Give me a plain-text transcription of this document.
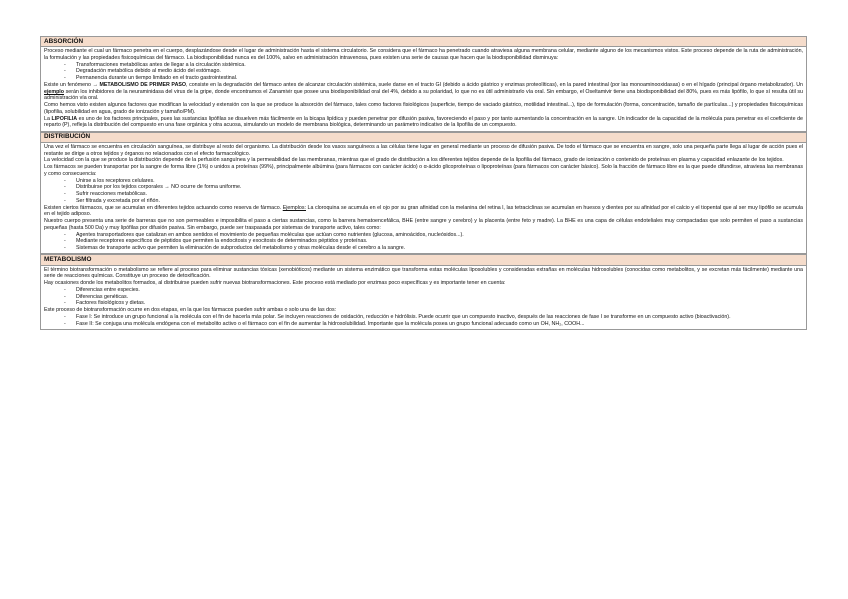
ABSORCIÓN

Proceso mediante el cual un fármaco penetra en el cuerpo, desplazándose desde el lugar de administración hasta el sistema circulatorio. Se considera que el fármaco ha penetrado cuando atraviesa alguna membrana celular, mediante alguno de los mecanismos vistos. Este proceso depende de la ruta de administración, la formulación y las propiedades fisicoquímicas del fármaco. La biodisponibilidad nunca es del 100%, salvo en administración intravenosa, pues existen una serie de causas que hacen que la biodisponibilidad disminuya:

- Transformaciones metabólicas antes de llegar a la circulación sistémica.
- Degradación metabólica debido al medio ácido del estómago.
- Permanencia durante un tiempo limitado en el tracto gastrointestinal.

Existe un fenómeno → METABOLISMO DE PRIMER PASO, consiste en la degradación del fármaco antes de alcanzar circulación sistémica, suele darse en el tracto GI (debido a ácido gástrico y enzimas proteolíticas), en la pared intestinal (por las monoaminooxidasas) o en el hígado (principal órgano metabolizador). Un ejemplo serán los inhibidores de la neuraminidasa del virus de la gripe, donde encontramos el Zanamivir que posee una biodisponibilidad oral del 4%, debido a su polaridad, lo que no es útil administrarlo vía oral. Sin embargo, el Oseltamivir tiene una biodisponibilidad del 80%, pues es más lipófilo, lo que sí resulta útil su administración vía oral.

Como hemos visto existen algunos factores que modifican la velocidad y extensión con la que se produce la absorción del fármaco, tales como factores fisiológicos (superficie, tiempo de vaciado gástrico, motilidad intestinal...), tipo de formulación (forma, concentración, tamaño de partículas...) y propiedades fisicoquímicas (lipofilia, solubilidad en agua, grado de ionización y tamaño/PM).

La LIPOFILIA es uno de los factores principales, pues las sustancias lipófilas se disuelven más fácilmente en la bicapa lipídica y pueden penetrar por difusión pasiva, favoreciendo el paso y por tanto aumentando la concentración en la sangre. Un indicador de la capacidad de la molécula para penetrar es el coeficiente de reparto (P), refleja la distribución del compuesto en una fase orgánica y otra acuosa, simulando un modelo de membrana biológica, determinando un parámetro indicativo de la lipofilia de un compuesto.

DISTRIBUCIÓN

Una vez el fármaco se encuentra en circulación sanguínea, se distribuye al resto del organismo. La distribución desde los vasos sanguíneos a las células tiene lugar en general mediante un proceso de difusión pasiva. De todo el fármaco que se encuentra en sangre, solo una pequeña parte llega al lugar de acción pues el restante se dirige a otros tejidos y órganos no relacionados con el efecto farmacológico.

La velocidad con la que se produce la distribución depende de la perfusión sanguínea y la permeabilidad de las membranas, mientras que el grado de distribución a los diferentes tejidos depende de la lipofilia del fármaco, grado de ionización o contenido de proteínas en plasma y capacidad enlazante de los tejidos.

Los fármacos se pueden transportar por la sangre de forma libre (1%) o unidos a proteínas (99%), principalmente albúmina (para fármacos con carácter ácido) o α-ácido glicoproteínas o lipoproteínas (para fármacos con carácter básico). Solo la fracción de fármaco libre es la que puede difundirse, atraviesa las membranas y como consecuencia:

- Unirse a los receptores celulares.
- Distribuirse por los tejidos corporales → NO ocurre de forma uniforme.
- Sufrir reacciones metabólicas.
- Ser filtrada y excretada por el riñón.

Existen ciertos fármacos, que se acumulan en diferentes tejidos actuando como reserva de fármaco. Ejemplos: La cloroquina se acumula en el ojo por su gran afinidad con la melanina del retina l, las tetraciclinas se acumulan en huesos y dientes por su afinidad por el calcio y el tiopental que al ser muy lipófilo se acumula en el tejido adiposo.

Nuestro cuerpo presenta una serie de barreras que no son permeables e imposibilita el paso a ciertas sustancias, como la barrera hematoencefálica, BHE (entre sangre y cerebro) y la placenta (entre feto y madre). La BHE es una capa de células endoteliales muy compactadas que solo permiten el paso a sustancias pequeñas (hasta 500 Da) y muy lipófilas por difusión pasiva. Sin embargo, puede ser traspasada por sistemas de transporte activo, tales como:

- Agentes transportadores que catalizan en ambos sentidos el movimiento de pequeñas moléculas que actúan como nutrientes (glucosa, aminoácidos, nucleósidos...).
- Mediante receptores específicos de péptidos que permiten la endocitosis y exocitosis de determinados péptidos y proteínas.
- Sistemas de transporte activo que permiten la eliminación de subproductos del metabolismo y otras moléculas desde el cerebro a la sangre.
METABOLISMO

El término biotransformación o metabolismo se refiere al proceso para eliminar sustancias tóxicas (xenobióticos) mediante un sistema enzimático que transforma estas moléculas liposolubles y consideradas extrañas en moléculas hidrosolubles (conocidas como metabolitos, y se excretan más fácilmente) mediante una serie de reacciones químicas. Constituye un proceso de detoxificación.

Hay ocasiones donde los metabolitos formados, al distribuirse pueden sufrir nuevas biotransformaciones. Este proceso está mediado por enzimas poco específicas y es importante tener en cuenta:

- Diferencias entre especies.
- Diferencias genéticas.
- Factores fisiológicos y dietas.

Este proceso de biotransformación ocurre en dos etapas, en la que los fármacos pueden sufrir ambas o solo una de las dos:

- Fase I: Se introduce un grupo funcional a la molécula con el fin de hacerla más polar. Se incluyen reacciones de oxidación, reducción e hidrólisis. Puede ocurrir que un compuesto inactivo, después de las reacciones de fase I se transforme en un compuesto activo (bioactivación).
- Fase II: Se conjuga una molécula endógena con el metabolito activo o el fármaco con el fin de aumentar la hidrosolubilidad. Importante que la molécula posea un grupo funcional adecuado como un OH, NH₂, COOH...
